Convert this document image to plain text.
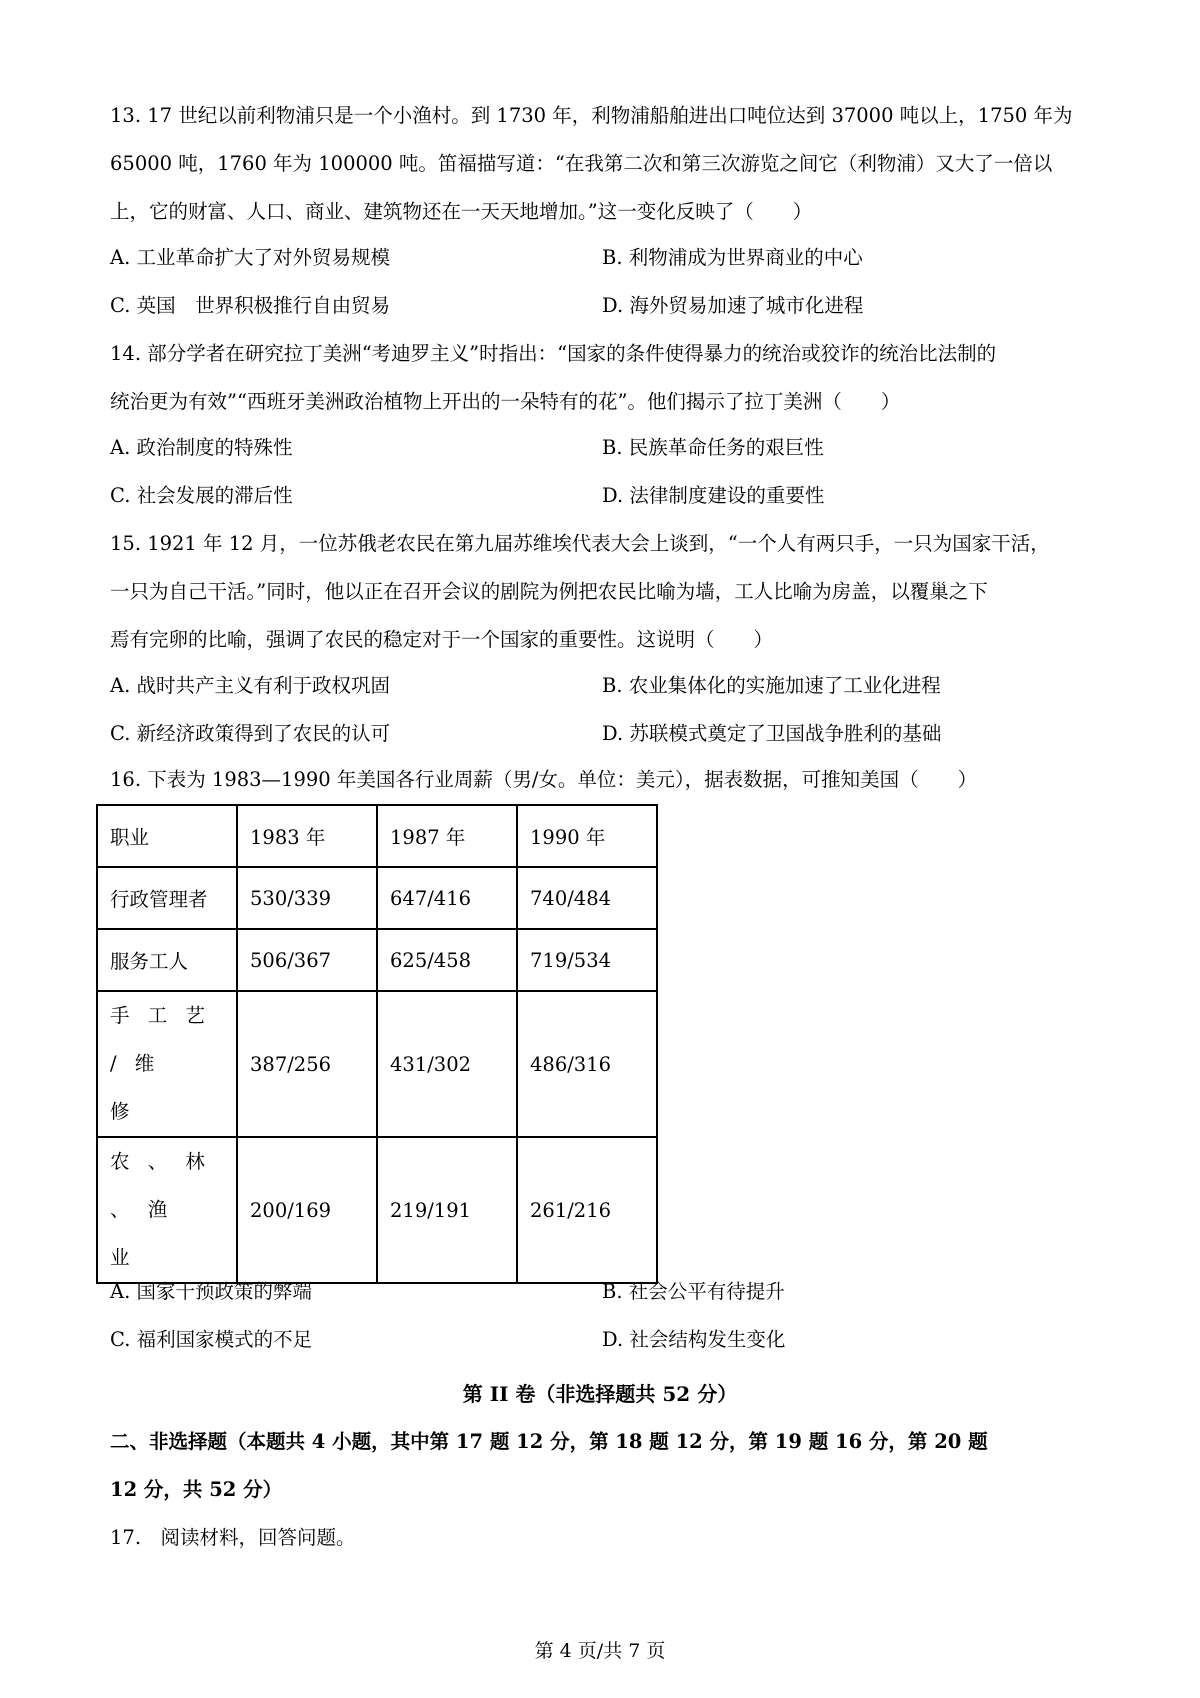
13. 17 世纪以前利物浦只是一个小渔村。到 1730 年，利物浦船舶进出口吨位达到 37000 吨以上，1750 年为
65000 吨，1760 年为 100000 吨。笛福描写道：“在我第二次和第三次游览之间它（利物浦）又大了一倍以
上，它的财富、人口、商业、建筑物还在一天天地增加。”这一变化反映了（　　）
A. 工业革命扩大了对外贸易规模	B. 利物浦成为世界商业的中心
C. 英国　世界积极推行自由贸易	D. 海外贸易加速了城市化进程
14. 部分学者在研究拉丁美洲“考迪罗主义”时指出：“国家的条件使得暴力的统治或狡诈的统治比法制的
统治更为有效”“西班牙美洲政治植物上开出的一朵特有的花”。他们揭示了拉丁美洲（　　）
A. 政治制度的特殊性	B. 民族革命任务的艰巨性
C. 社会发展的滞后性	D. 法律制度建设的重要性
15. 1921 年 12 月，一位苏俄老农民在第九届苏维埃代表大会上谈到，“一个人有两只手，一只为国家干活，
一只为自己干活。”同时，他以正在召开会议的剧院为例把农民比喻为墙，工人比喻为房盖，以覆巢之下
焉有完卵的比喻，强调了农民的稳定对于一个国家的重要性。这说明（　　）
A. 战时共产主义有利于政权巩固	B. 农业集体化的实施加速了工业化进程
C. 新经济政策得到了农民的认可	D. 苏联模式奠定了卫国战争胜利的基础
16. 下表为 1983—1990 年美国各行业周薪（男/女。单位：美元），据表数据，可推知美国（　　）
职业	1983 年	1987 年	1990 年
行政管理者	530/339	647/416	740/484
服务工人	506/367	625/458	719/534

手 工 艺 / 维
修	387/256	431/302	486/316

农 、 林 、 渔
业	200/169	219/191	261/216
A. 国家干预政策的弊端	B. 社会公平有待提升
C. 福利国家模式的不足	D. 社会结构发生变化
第 II 卷（非选择题共 52 分）
二、非选择题（本题共 4 小题，其中第 17 题 12 分，第 18 题 12 分，第 19 题 16 分，第 20 题
12 分，共 52 分）
17.　阅读材料，回答问题。
第 4 页/共 7 页
